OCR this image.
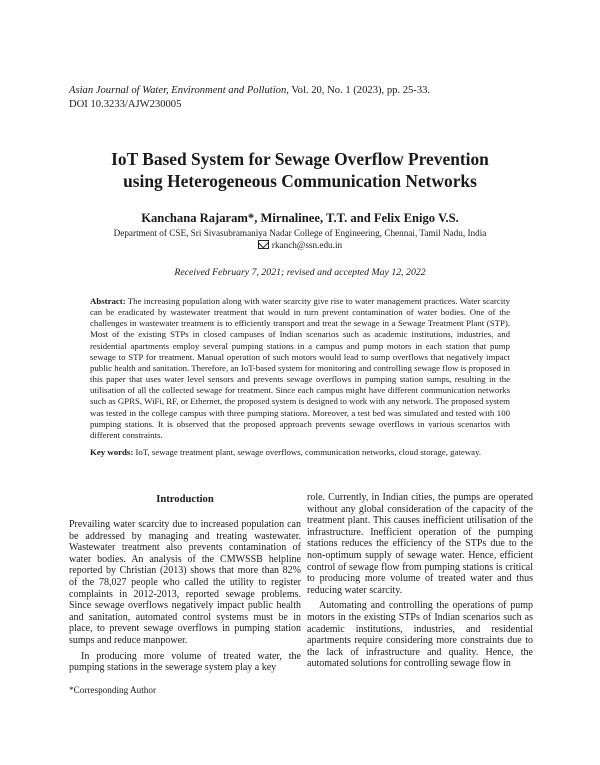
Asian Journal of Water, Environment and Pollution, Vol. 20, No. 1 (2023), pp. 25-33.
DOI 10.3233/AJW230005
IoT Based System for Sewage Overflow Prevention
using Heterogeneous Communication Networks
Kanchana Rajaram*, Mirnalinee, T.T. and Felix Enigo V.S.
Department of CSE, Sri Sivasubramaniya Nadar College of Engineering, Chennai, Tamil Nadu, India
rkanch@ssn.edu.in
Received February 7, 2021; revised and accepted May 12, 2022
Abstract: The increasing population along with water scarcity give rise to water management practices. Water scarcity can be eradicated by wastewater treatment that would in turn prevent contamination of water bodies. One of the challenges in wastewater treatment is to efficiently transport and treat the sewage in a Sewage Treatment Plant (STP). Most of the existing STPs in closed campuses of Indian scenarios such as academic institutions, industries, and residential apartments employ several pumping stations in a campus and pump motors in each station that pump sewage to STP for treatment. Manual operation of such motors would lead to sump overflows that negatively impact public health and sanitation. Therefore, an IoT-based system for monitoring and controlling sewage flow is proposed in this paper that uses water level sensors and prevents sewage overflows in pumping station sumps, resulting in the utilisation of all the collected sewage for treatment. Since each campus might have different communication networks such as GPRS, WiFi, RF, or Ethernet, the proposed system is designed to work with any network. The proposed system was tested in the college campus with three pumping stations. Moreover, a test bed was simulated and tested with 100 pumping stations. It is observed that the proposed approach prevents sewage overflows in various scenarios with different constraints.
Key words: IoT, sewage treatment plant, sewage overflows, communication networks, cloud storage, gateway.
Introduction

Prevailing water scarcity due to increased population can be addressed by managing and treating wastewater. Wastewater treatment also prevents contamination of water bodies. An analysis of the CMWSSB helpline reported by Christian (2013) shows that more than 82% of the 78,027 people who called the utility to register complaints in 2012-2013, reported sewage problems. Since sewage overflows negatively impact public health and sanitation, automated control systems must be in place, to prevent sewage overflows in pumping station sumps and reduce manpower.

In producing more volume of treated water, the pumping stations in the sewerage system play a key

role. Currently, in Indian cities, the pumps are operated without any global consideration of the capacity of the treatment plant. This causes inefficient utilisation of the infrastructure. Inefficient operation of the pumping stations reduces the efficiency of the STPs due to the non-optimum supply of sewage water. Hence, efficient control of sewage flow from pumping stations is critical to producing more volume of treated water and thus reducing water scarcity.

Automating and controlling the operations of pump motors in the existing STPs of Indian scenarios such as academic institutions, industries, and residential apartments require considering more constraints due to the lack of infrastructure and quality. Hence, the automated solutions for controlling sewage flow in

*Corresponding Author
